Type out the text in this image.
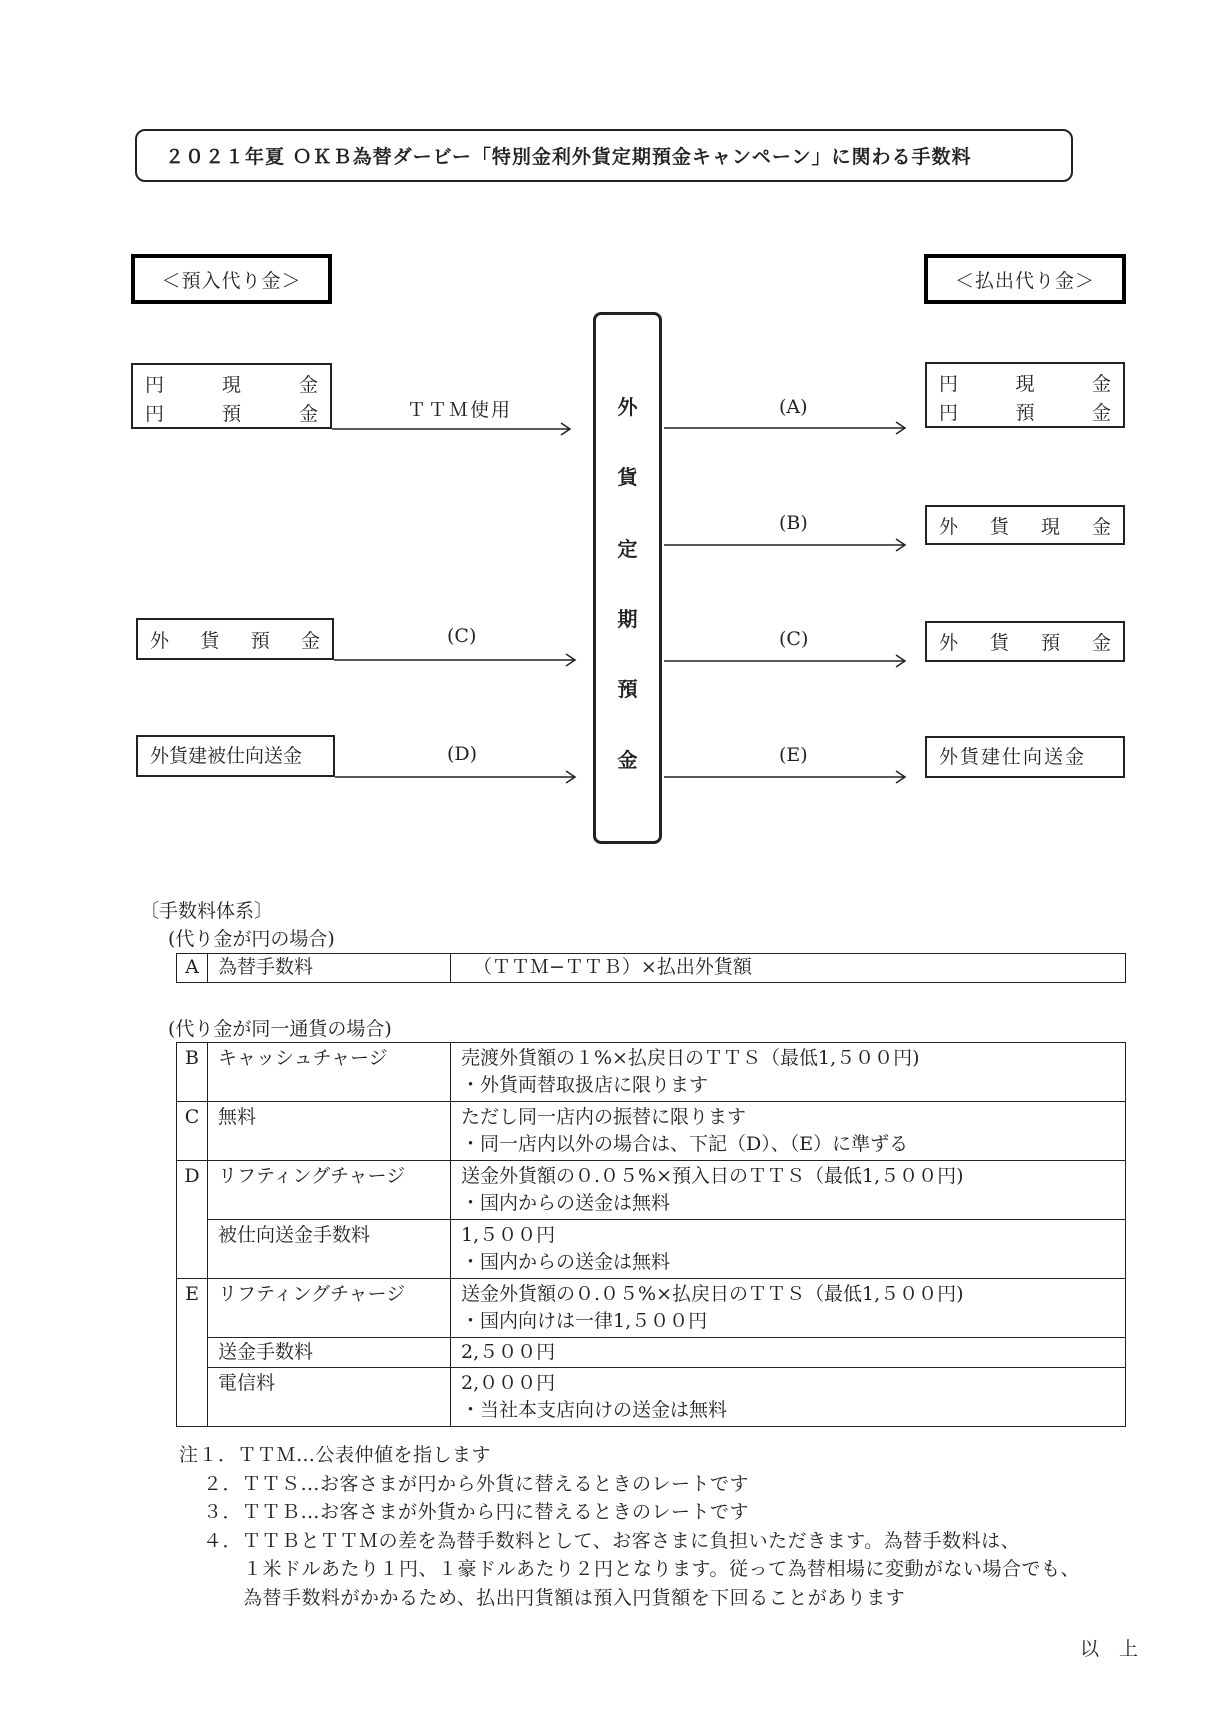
２０２１年夏 ＯＫＢ為替ダービー「特別金利外貨定期預金キャンペーン」に関わる手数料
＜預入代り金＞	＜払出代り金＞
円	現	金
円	預	金
外 貨 預 金
外貨建被仕向送金
円	現	金
円	預	金
外 貨 現 金
外 貨 預 金
外貨建仕向送金
外
貨
定
期
預
金
ＴＴＭ使用
(C)
(D)
(A)
(B)
(C)
(E)
〔手数料体系〕
(代り金が円の場合)
A	為替手数料	（ＴＴＭ−ＴＴＢ）×払出外貨額
(代り金が同一通貨の場合)
B	キャッシュチャージ	売渡外貨額の１%×払戻日のＴＴＳ（最低1,５００円)
・外貨両替取扱店に限ります

C	無料	ただし同一店内の振替に限ります
・同一店内以外の場合は、下記（D）、（E）に準ずる

D	リフティングチャージ	送金外貨額の０.０５%×預入日のＴＴＳ（最低1,５００円)
・国内からの送金は無料

	被仕向送金手数料	1,５００円
・国内からの送金は無料

E	リフティングチャージ	送金外貨額の０.０５%×払戻日のＴＴＳ（最低1,５００円)
・国内向けは一律1,５００円

	送金手数料	2,５００円

	電信料	2,０００円
・当社本支店向けの送金は無料
注１．ＴＴＭ…公表仲値を指します
２．ＴＴＳ…お客さまが円から外貨に替えるときのレートです
３．ＴＴＢ…お客さまが外貨から円に替えるときのレートです
４．ＴＴＢとＴＴＭの差を為替手数料として、お客さまに負担いただきます。為替手数料は、
１米ドルあたり１円、１豪ドルあたり２円となります。従って為替相場に変動がない場合でも、
為替手数料がかかるため、払出円貨額は預入円貨額を下回ることがあります
以　上
